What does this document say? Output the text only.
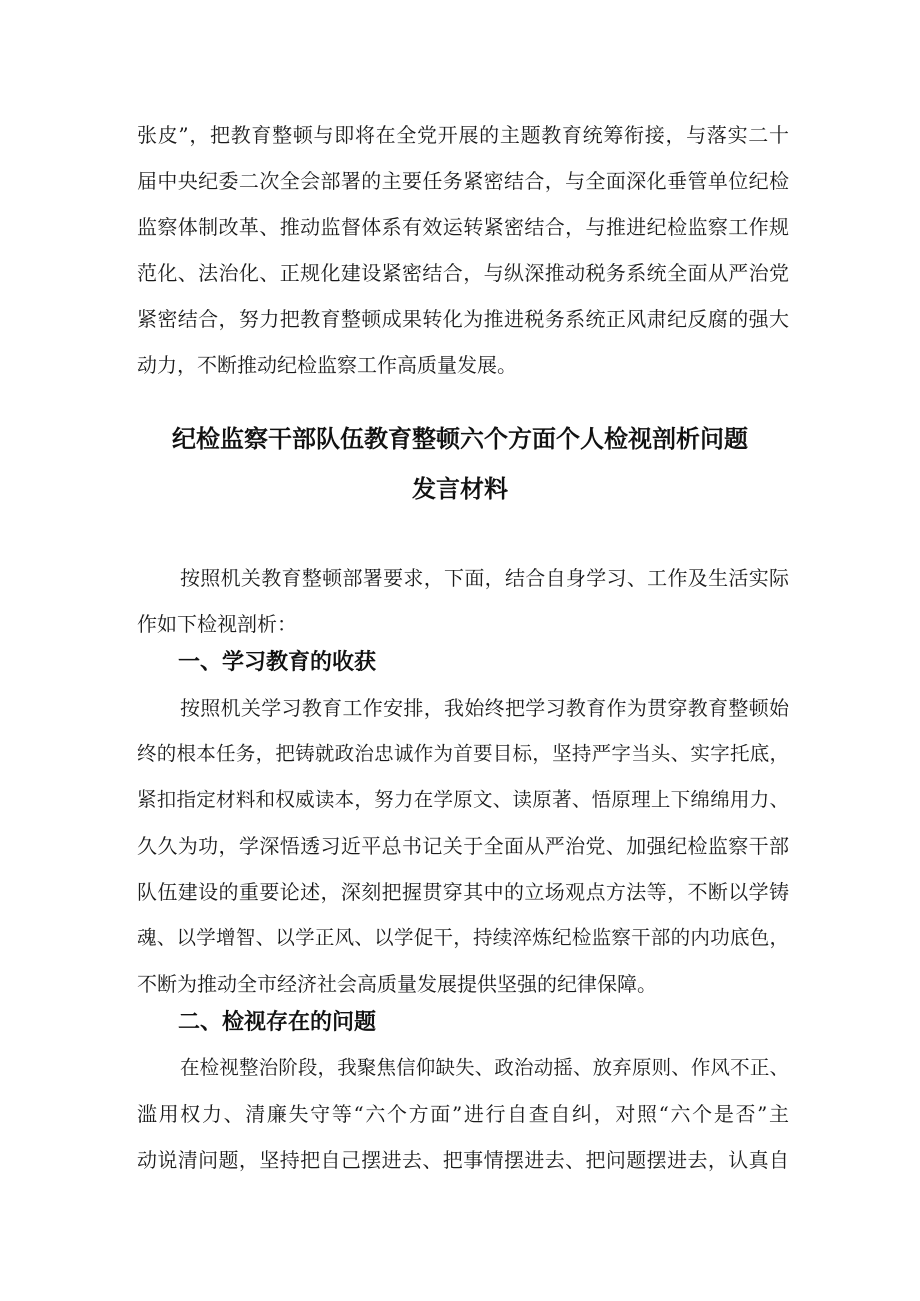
张皮”，把教育整顿与即将在全党开展的主题教育统筹衔接，与落实二十
届中央纪委二次全会部署的主要任务紧密结合，与全面深化垂管单位纪检
监察体制改革、推动监督体系有效运转紧密结合，与推进纪检监察工作规
范化、法治化、正规化建设紧密结合，与纵深推动税务系统全面从严治党
紧密结合，努力把教育整顿成果转化为推进税务系统正风肃纪反腐的强大
动力，不断推动纪检监察工作高质量发展。
纪检监察干部队伍教育整顿六个方面个人检视剖析问题
发言材料
按照机关教育整顿部署要求，下面，结合自身学习、工作及生活实际
作如下检视剖析：
一、学习教育的收获
按照机关学习教育工作安排，我始终把学习教育作为贯穿教育整顿始
终的根本任务，把铸就政治忠诚作为首要目标，坚持严字当头、实字托底，
紧扣指定材料和权威读本，努力在学原文、读原著、悟原理上下绵绵用力、
久久为功，学深悟透习近平总书记关于全面从严治党、加强纪检监察干部
队伍建设的重要论述，深刻把握贯穿其中的立场观点方法等，不断以学铸
魂、以学增智、以学正风、以学促干，持续淬炼纪检监察干部的内功底色，
不断为推动全市经济社会高质量发展提供坚强的纪律保障。
二、检视存在的问题
在检视整治阶段，我聚焦信仰缺失、政治动摇、放弃原则、作风不正、
滥用权力、清廉失守等“六个方面”进行自查自纠，对照“六个是否”主
动说清问题，坚持把自己摆进去、把事情摆进去、把问题摆进去，认真自
